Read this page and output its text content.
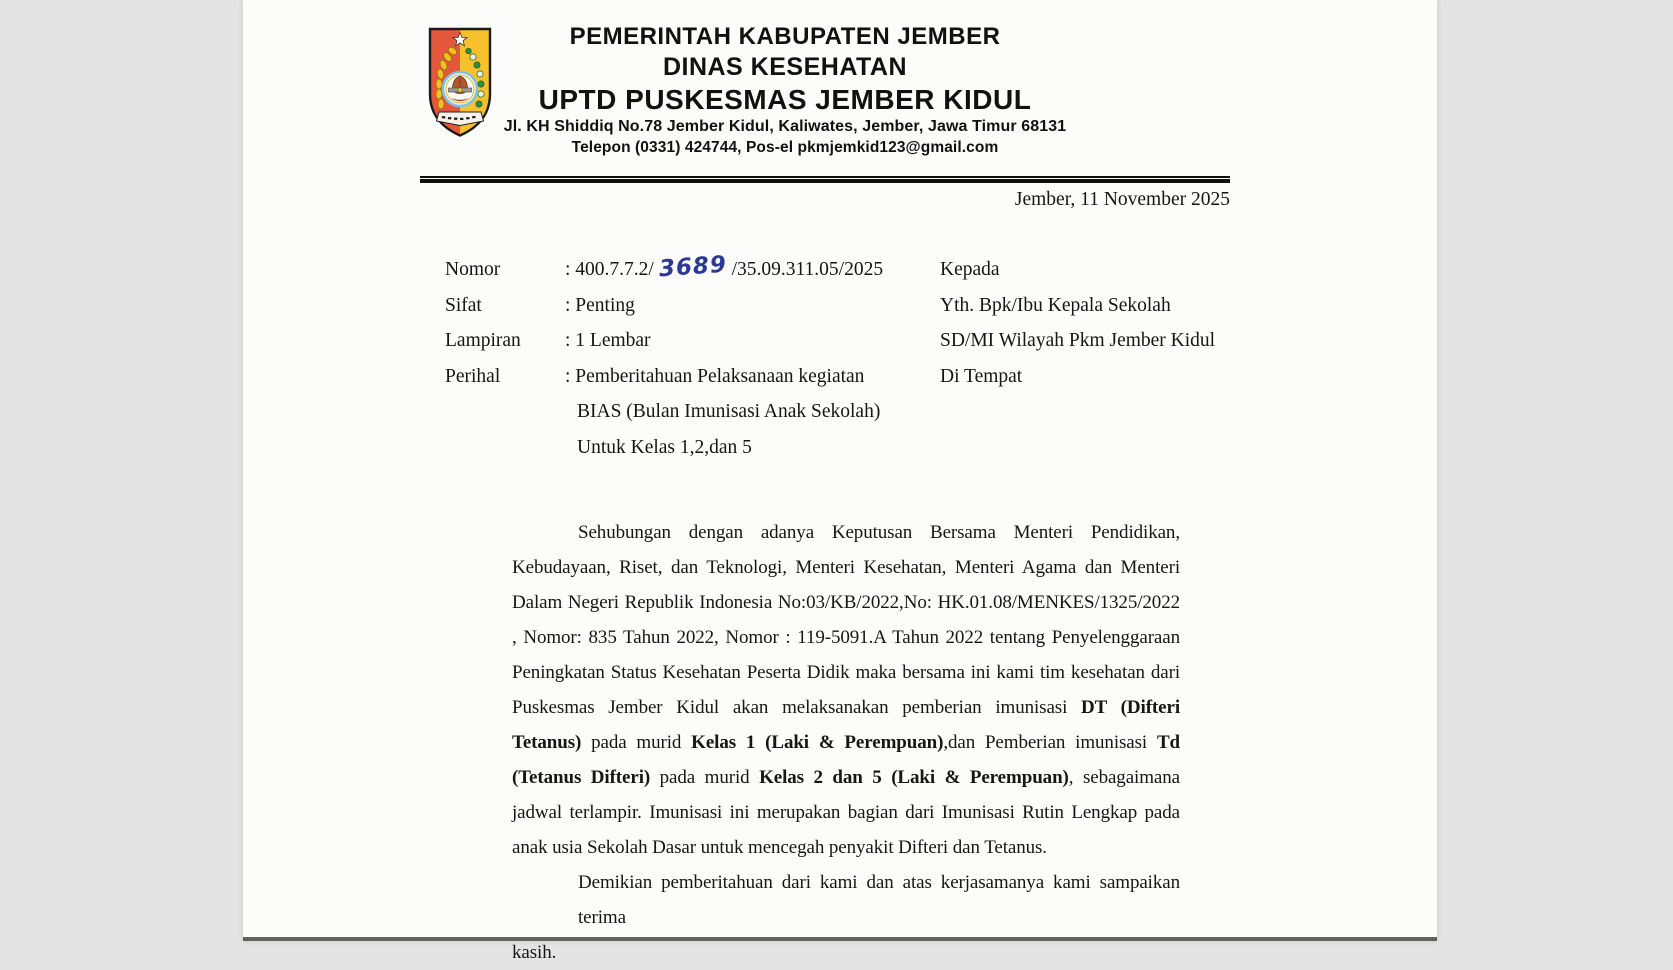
PEMERINTAH KABUPATEN JEMBER
DINAS KESEHATAN
UPTD PUSKESMAS JEMBER KIDUL
Jl. KH Shiddiq No.78 Jember Kidul, Kaliwates, Jember, Jawa Timur 68131
Telepon (0331) 424744, Pos-el pkmjemkid123@gmail.com
Jember, 11 November 2025
Nomor	: 400.7.7.2/ 3689 /35.09.311.05/2025
Sifat	: Penting
Lampiran	: 1 Lembar
Perihal	: Pemberitahuan Pelaksanaan kegiatan
BIAS (Bulan Imunisasi Anak Sekolah)
Untuk Kelas 1,2,dan 5
Kepada
Yth. Bpk/Ibu Kepala Sekolah
SD/MI Wilayah Pkm Jember Kidul
Di Tempat
Sehubungan dengan adanya Keputusan Bersama Menteri Pendidikan,
Kebudayaan, Riset, dan Teknologi, Menteri Kesehatan, Menteri Agama dan Menteri
Dalam Negeri Republik Indonesia No:03/KB/2022,No: HK.01.08/MENKES/1325/2022
, Nomor: 835 Tahun 2022, Nomor : 119-5091.A Tahun 2022 tentang Penyelenggaraan
Peningkatan Status Kesehatan Peserta Didik maka bersama ini kami tim kesehatan dari
Puskesmas Jember Kidul akan melaksanakan pemberian imunisasi DT (Difteri
Tetanus) pada murid Kelas 1 (Laki & Perempuan),dan Pemberian imunisasi Td
(Tetanus Difteri) pada murid Kelas 2 dan 5 (Laki & Perempuan), sebagaimana
jadwal terlampir. Imunisasi ini merupakan bagian dari Imunisasi Rutin Lengkap pada
anak usia Sekolah Dasar untuk mencegah penyakit Difteri dan Tetanus.
Demikian pemberitahuan dari kami dan atas kerjasamanya kami sampaikan terima
kasih.
